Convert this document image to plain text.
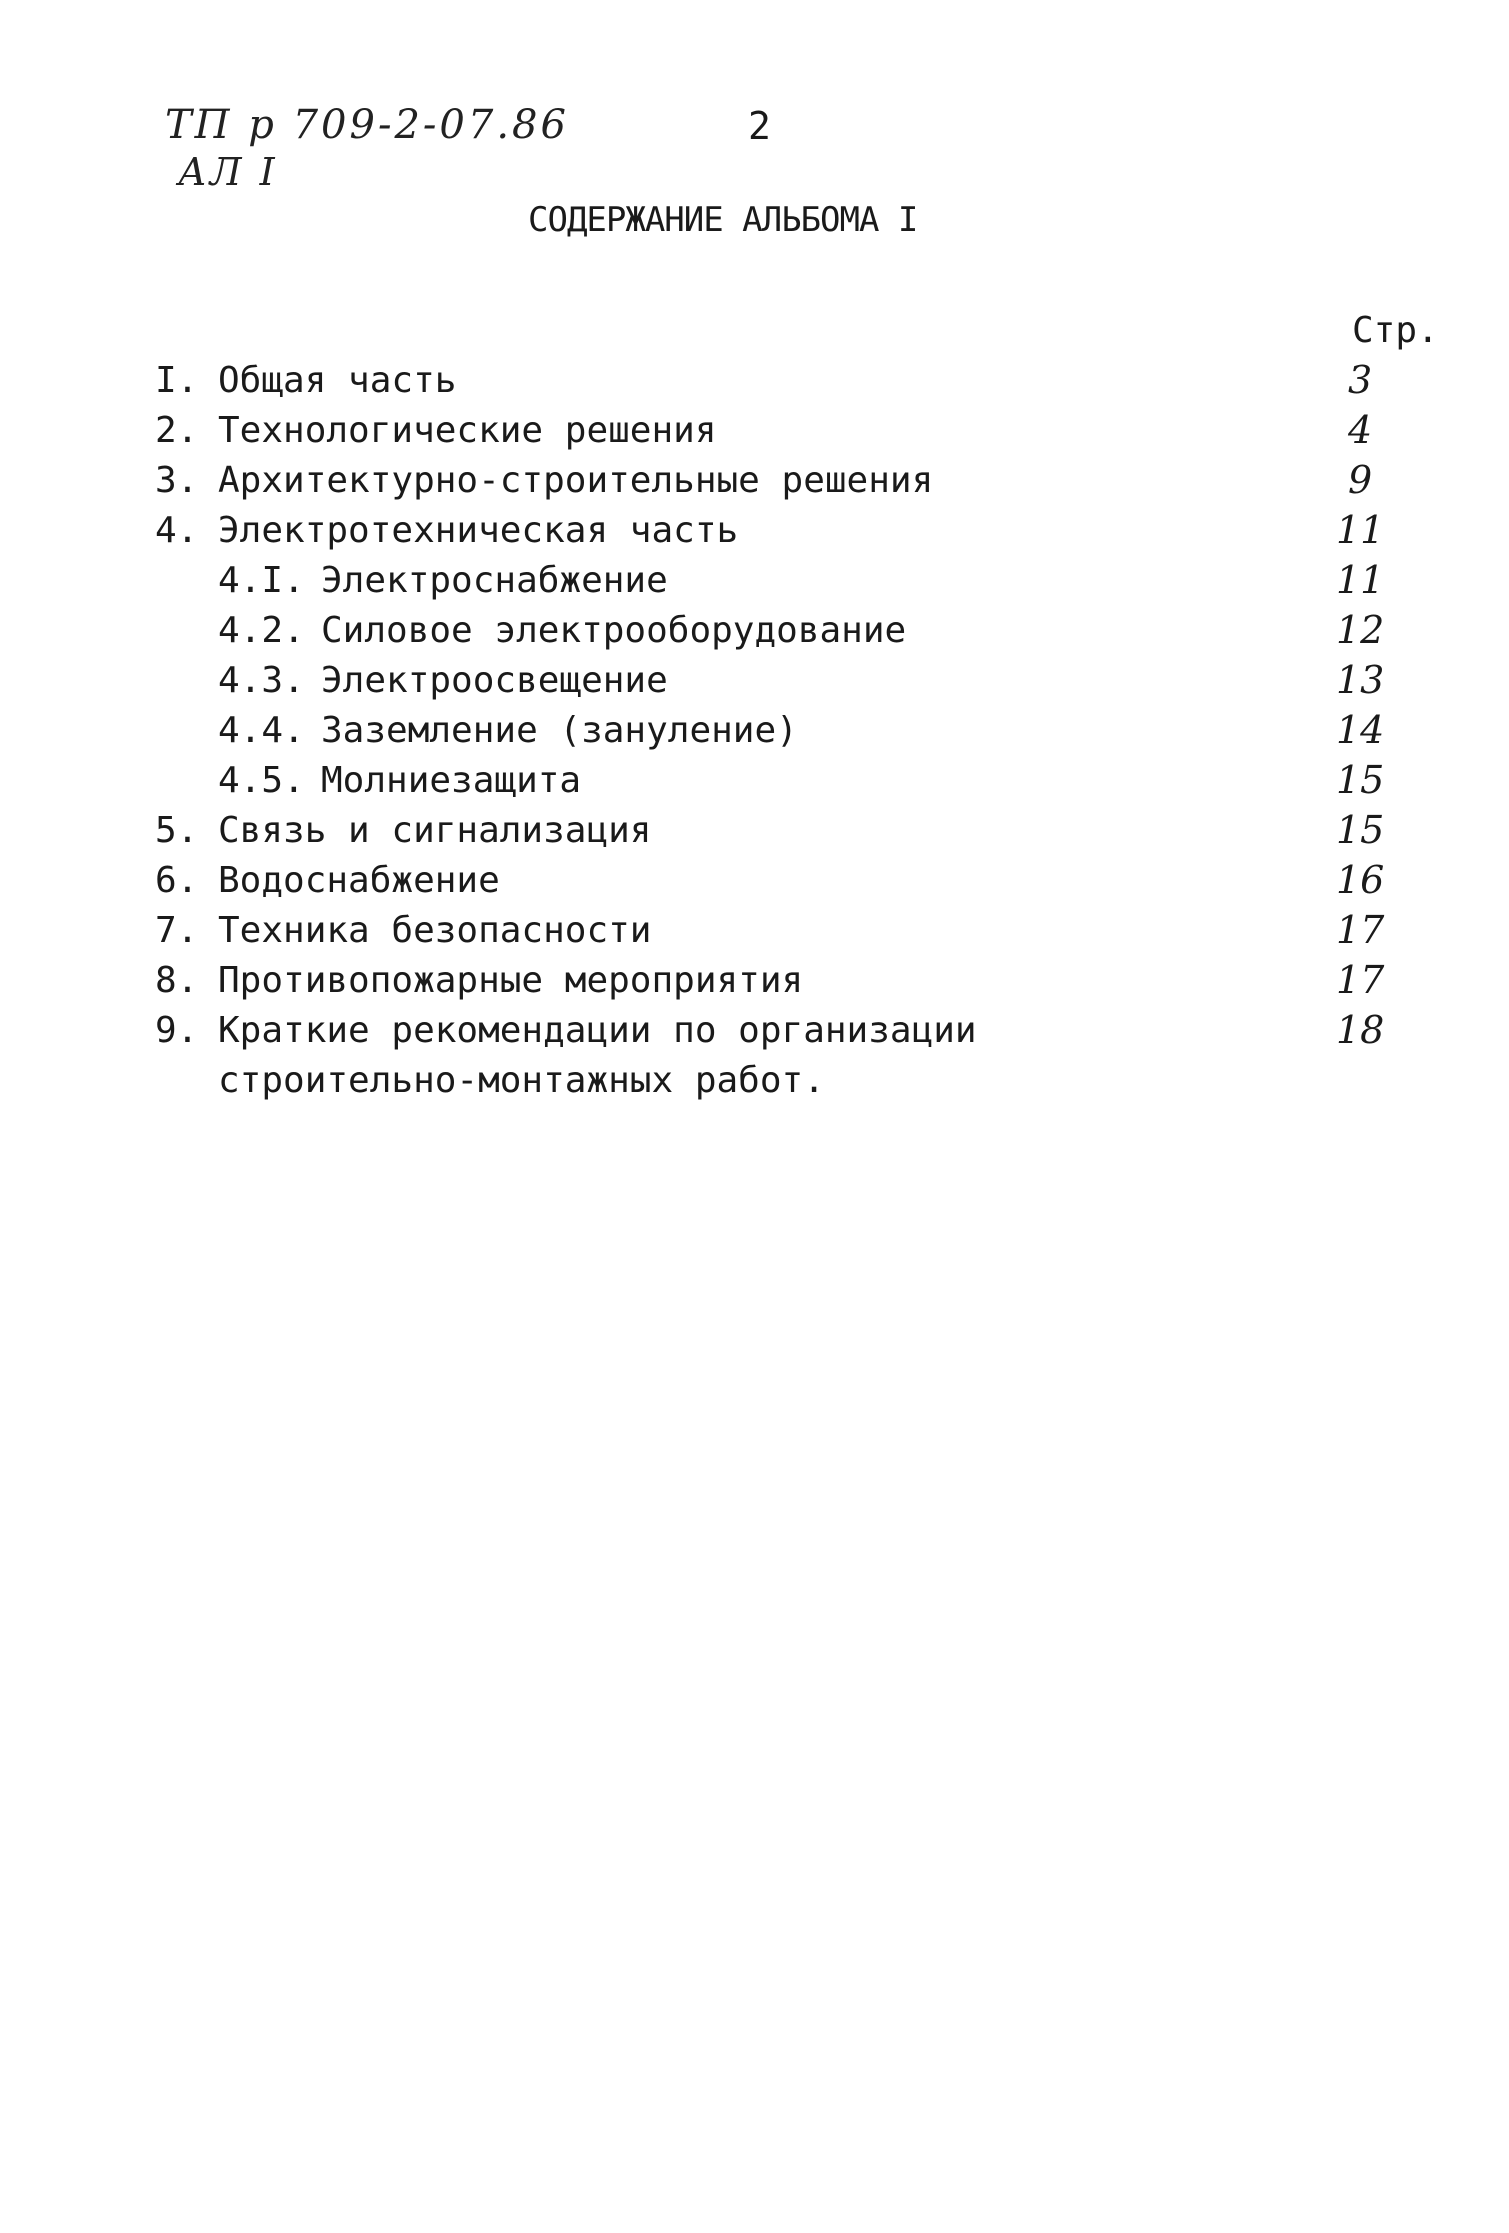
ТП р 709-2-07.86
АЛ I
2
СОДЕРЖАНИЕ АЛЬБОМА I
Стр.
I. Общая часть	3
2. Технологические решения	4
3. Архитектурно-строительные решения	9
4. Электротехническая часть	11
4.I. Электроснабжение	11
4.2. Силовое электрооборудование	12
4.3. Электроосвещение	13
4.4. Заземление (зануление)	14
4.5. Молниезащита	15
5. Связь и сигнализация	15
6. Водоснабжение	16
7. Техника безопасности	17
8. Противопожарные мероприятия	17
9. Краткие рекомендации по организации	18
строительно-монтажных работ.
